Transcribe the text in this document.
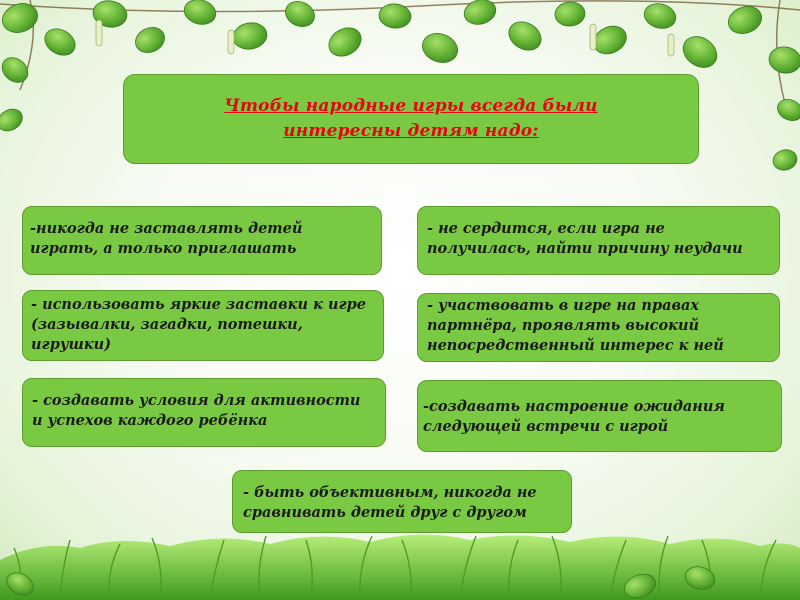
Чтобы народные игры всегда были
интересны детям надо:
-никогда не заставлять детей
играть, а только приглашать
- использовать яркие заставки к игре
(зазывалки, загадки, потешки,
игрушки)
- создавать условия для активности
и успехов каждого ребёнка
- не сердится, если игра не
получилась, найти причину неудачи
- участвовать в игре на правах
партнёра, проявлять высокий
непосредственный интерес к ней
-создавать настроение ожидания
следующей встречи с игрой
- быть объективным, никогда не
сравнивать детей друг с другом
